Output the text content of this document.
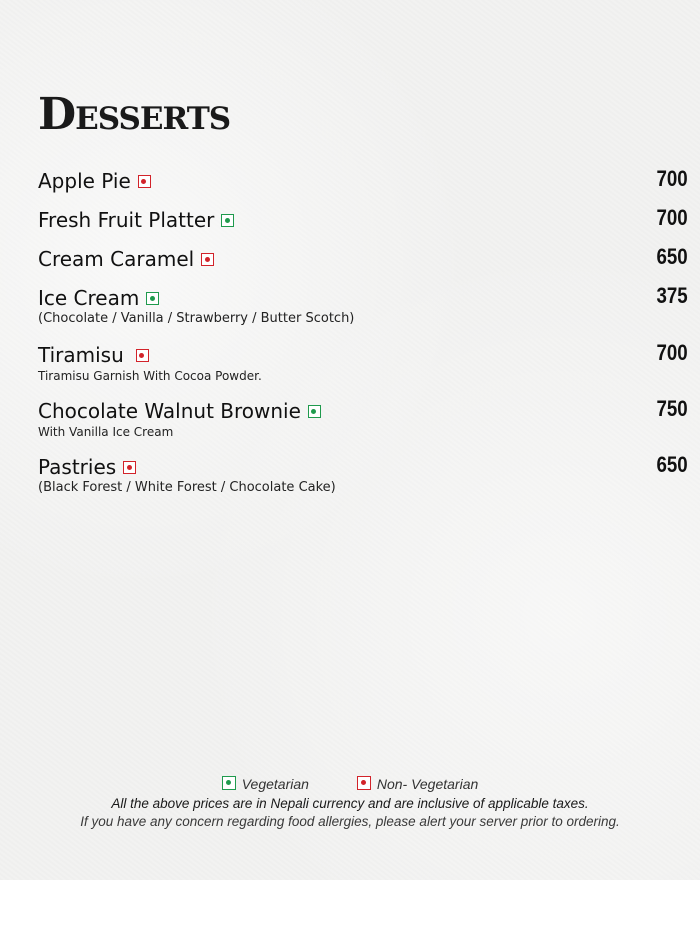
Desserts
Apple Pie	700
Fresh Fruit Platter	700
Cream Caramel	650
Ice Cream	375
(Chocolate / Vanilla / Strawberry / Butter Scotch)
Tiramisu	700
Tiramisu Garnish With Cocoa Powder.
Chocolate Walnut Brownie	750
With Vanilla Ice Cream
Pastries	650
(Black Forest / White Forest / Chocolate Cake)
Vegetarian	Non- Vegetarian
All the above prices are in Nepali currency and are inclusive of applicable taxes.
If you have any concern regarding food allergies, please alert your server prior to ordering.
